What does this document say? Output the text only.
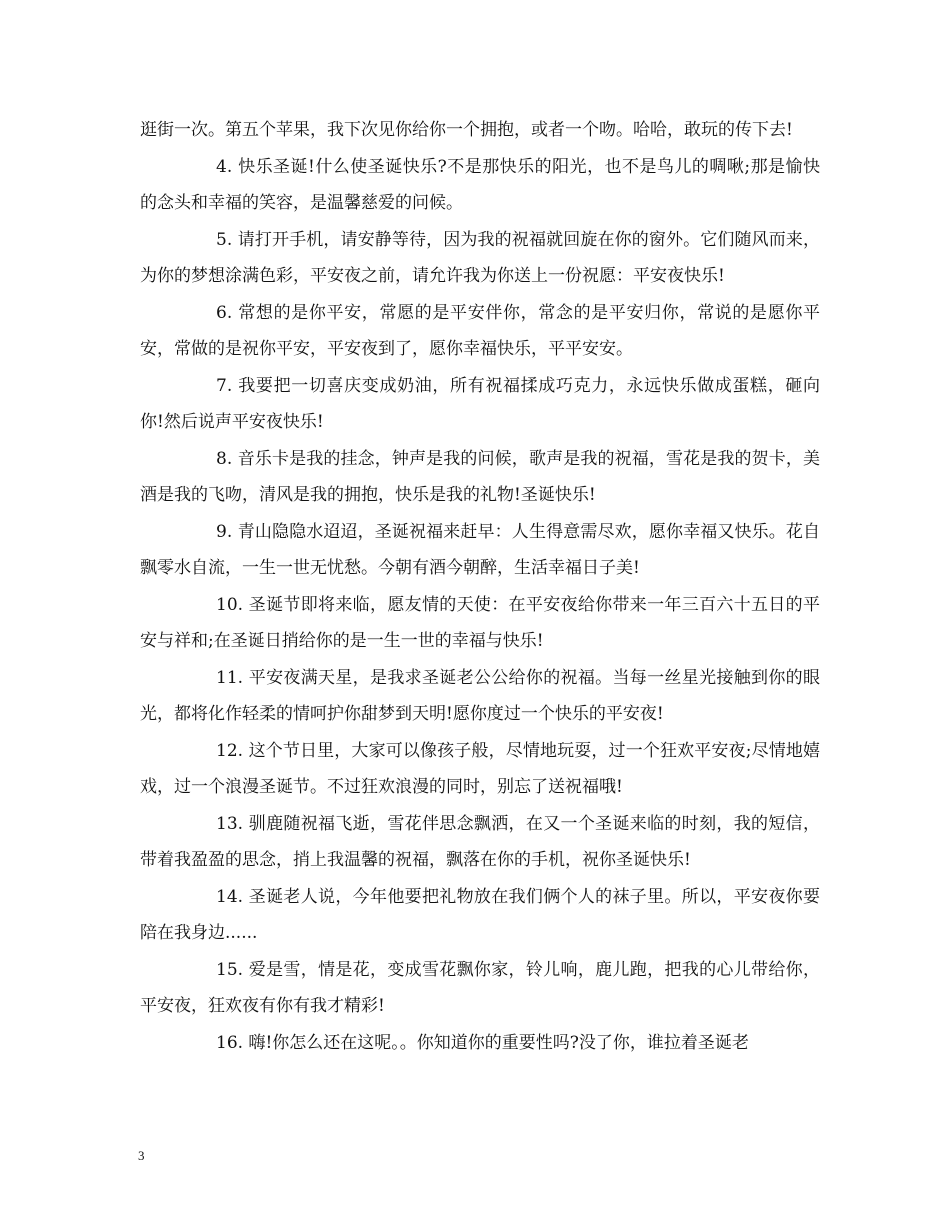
逛街一次。第五个苹果，我下次见你给你一个拥抱，或者一个吻。哈哈，敢玩的传下去!

4. 快乐圣诞!什么使圣诞快乐?不是那快乐的阳光，也不是鸟儿的啁啾;那是愉快的念头和幸福的笑容，是温馨慈爱的问候。

5. 请打开手机，请安静等待，因为我的祝福就回旋在你的窗外。它们随风而来，为你的梦想涂满色彩，平安夜之前，请允许我为你送上一份祝愿：平安夜快乐!

6. 常想的是你平安，常愿的是平安伴你，常念的是平安归你，常说的是愿你平安，常做的是祝你平安，平安夜到了，愿你幸福快乐，平平安安。

7. 我要把一切喜庆变成奶油，所有祝福揉成巧克力，永远快乐做成蛋糕，砸向你!然后说声平安夜快乐!

8. 音乐卡是我的挂念，钟声是我的问候，歌声是我的祝福，雪花是我的贺卡，美酒是我的飞吻，清风是我的拥抱，快乐是我的礼物!圣诞快乐!

9. 青山隐隐水迢迢，圣诞祝福来赶早：人生得意需尽欢，愿你幸福又快乐。花自飘零水自流，一生一世无忧愁。今朝有酒今朝醉，生活幸福日子美!

10. 圣诞节即将来临，愿友情的天使：在平安夜给你带来一年三百六十五日的平安与祥和;在圣诞日捎给你的是一生一世的幸福与快乐!

11. 平安夜满天星，是我求圣诞老公公给你的祝福。当每一丝星光接触到你的眼光，都将化作轻柔的情呵护你甜梦到天明!愿你度过一个快乐的平安夜!

12. 这个节日里，大家可以像孩子般，尽情地玩耍，过一个狂欢平安夜;尽情地嬉戏，过一个浪漫圣诞节。不过狂欢浪漫的同时，别忘了送祝福哦!

13. 驯鹿随祝福飞逝，雪花伴思念飘洒，在又一个圣诞来临的时刻，我的短信，带着我盈盈的思念，捎上我温馨的祝福，飘落在你的手机，祝你圣诞快乐!

14. 圣诞老人说，今年他要把礼物放在我们俩个人的袜子里。所以，平安夜你要陪在我身边......

15. 爱是雪，情是花，变成雪花飘你家，铃儿响，鹿儿跑，把我的心儿带给你，平安夜，狂欢夜有你有我才精彩!

16. 嗨!你怎么还在这呢。。你知道你的重要性吗?没了你，谁拉着圣诞老

3
